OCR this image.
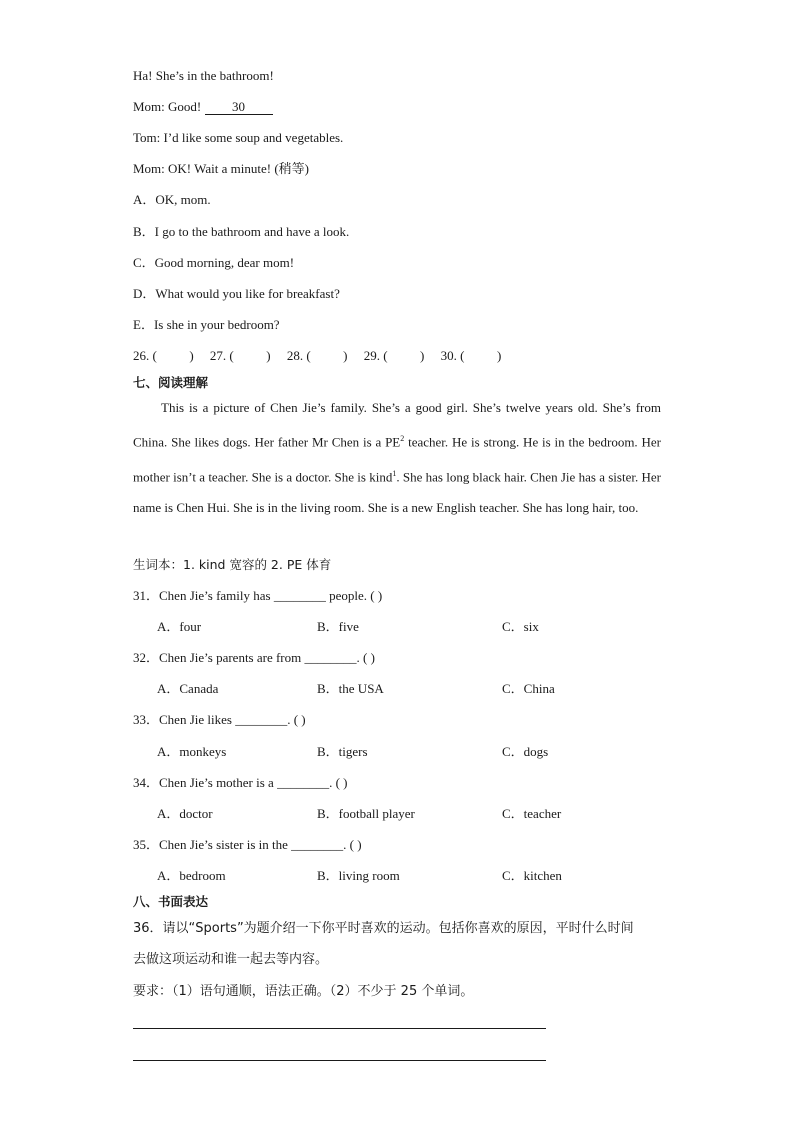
Ha! She’s in the bathroom!
Mom: Good! 30
Tom: I’d like some soup and vegetables.
Mom: OK! Wait a minute! (稍等)
A．OK, mom.
B．I go to the bathroom and have a look.
C．Good morning, dear mom!
D．What would you like for breakfast?
E．Is she in your bedroom?
26. (          )     27. (          )     28. (          )     29. (          )     30. (          )
七、阅读理解
This is a picture of Chen Jie’s family. She’s a good girl. She’s twelve years old. She’s from China. She likes dogs. Her father Mr Chen is a $PE^2$ teacher. He is strong. He is in the bedroom. Her mother isn’t a teacher. She is a doctor. She is kind$^1$. She has long black hair. Chen Jie has a sister. Her name is Chen Hui. She is in the living room. She is a new English teacher. She has long hair, too.
生词本：1. kind 宽容的 2. PE 体育
31．Chen Jie’s family has ________ people. ( )
A．four	B．five	C．six
32．Chen Jie’s parents are from ________. ( )
A．Canada	B．the USA	C．China
33．Chen Jie likes ________. ( )
A．monkeys	B．tigers	C．dogs
34．Chen Jie’s mother is a ________. ( )
A．doctor	B．football player	C．teacher
35．Chen Jie’s sister is in the ________. ( )
A．bedroom	B．living room	C．kitchen
八、书面表达
36．请以“Sports”为题介绍一下你平时喜欢的运动。包括你喜欢的原因，平时什么时间
去做这项运动和谁一起去等内容。
要求：（1）语句通顺，语法正确。（2）不少于 25 个单词。
